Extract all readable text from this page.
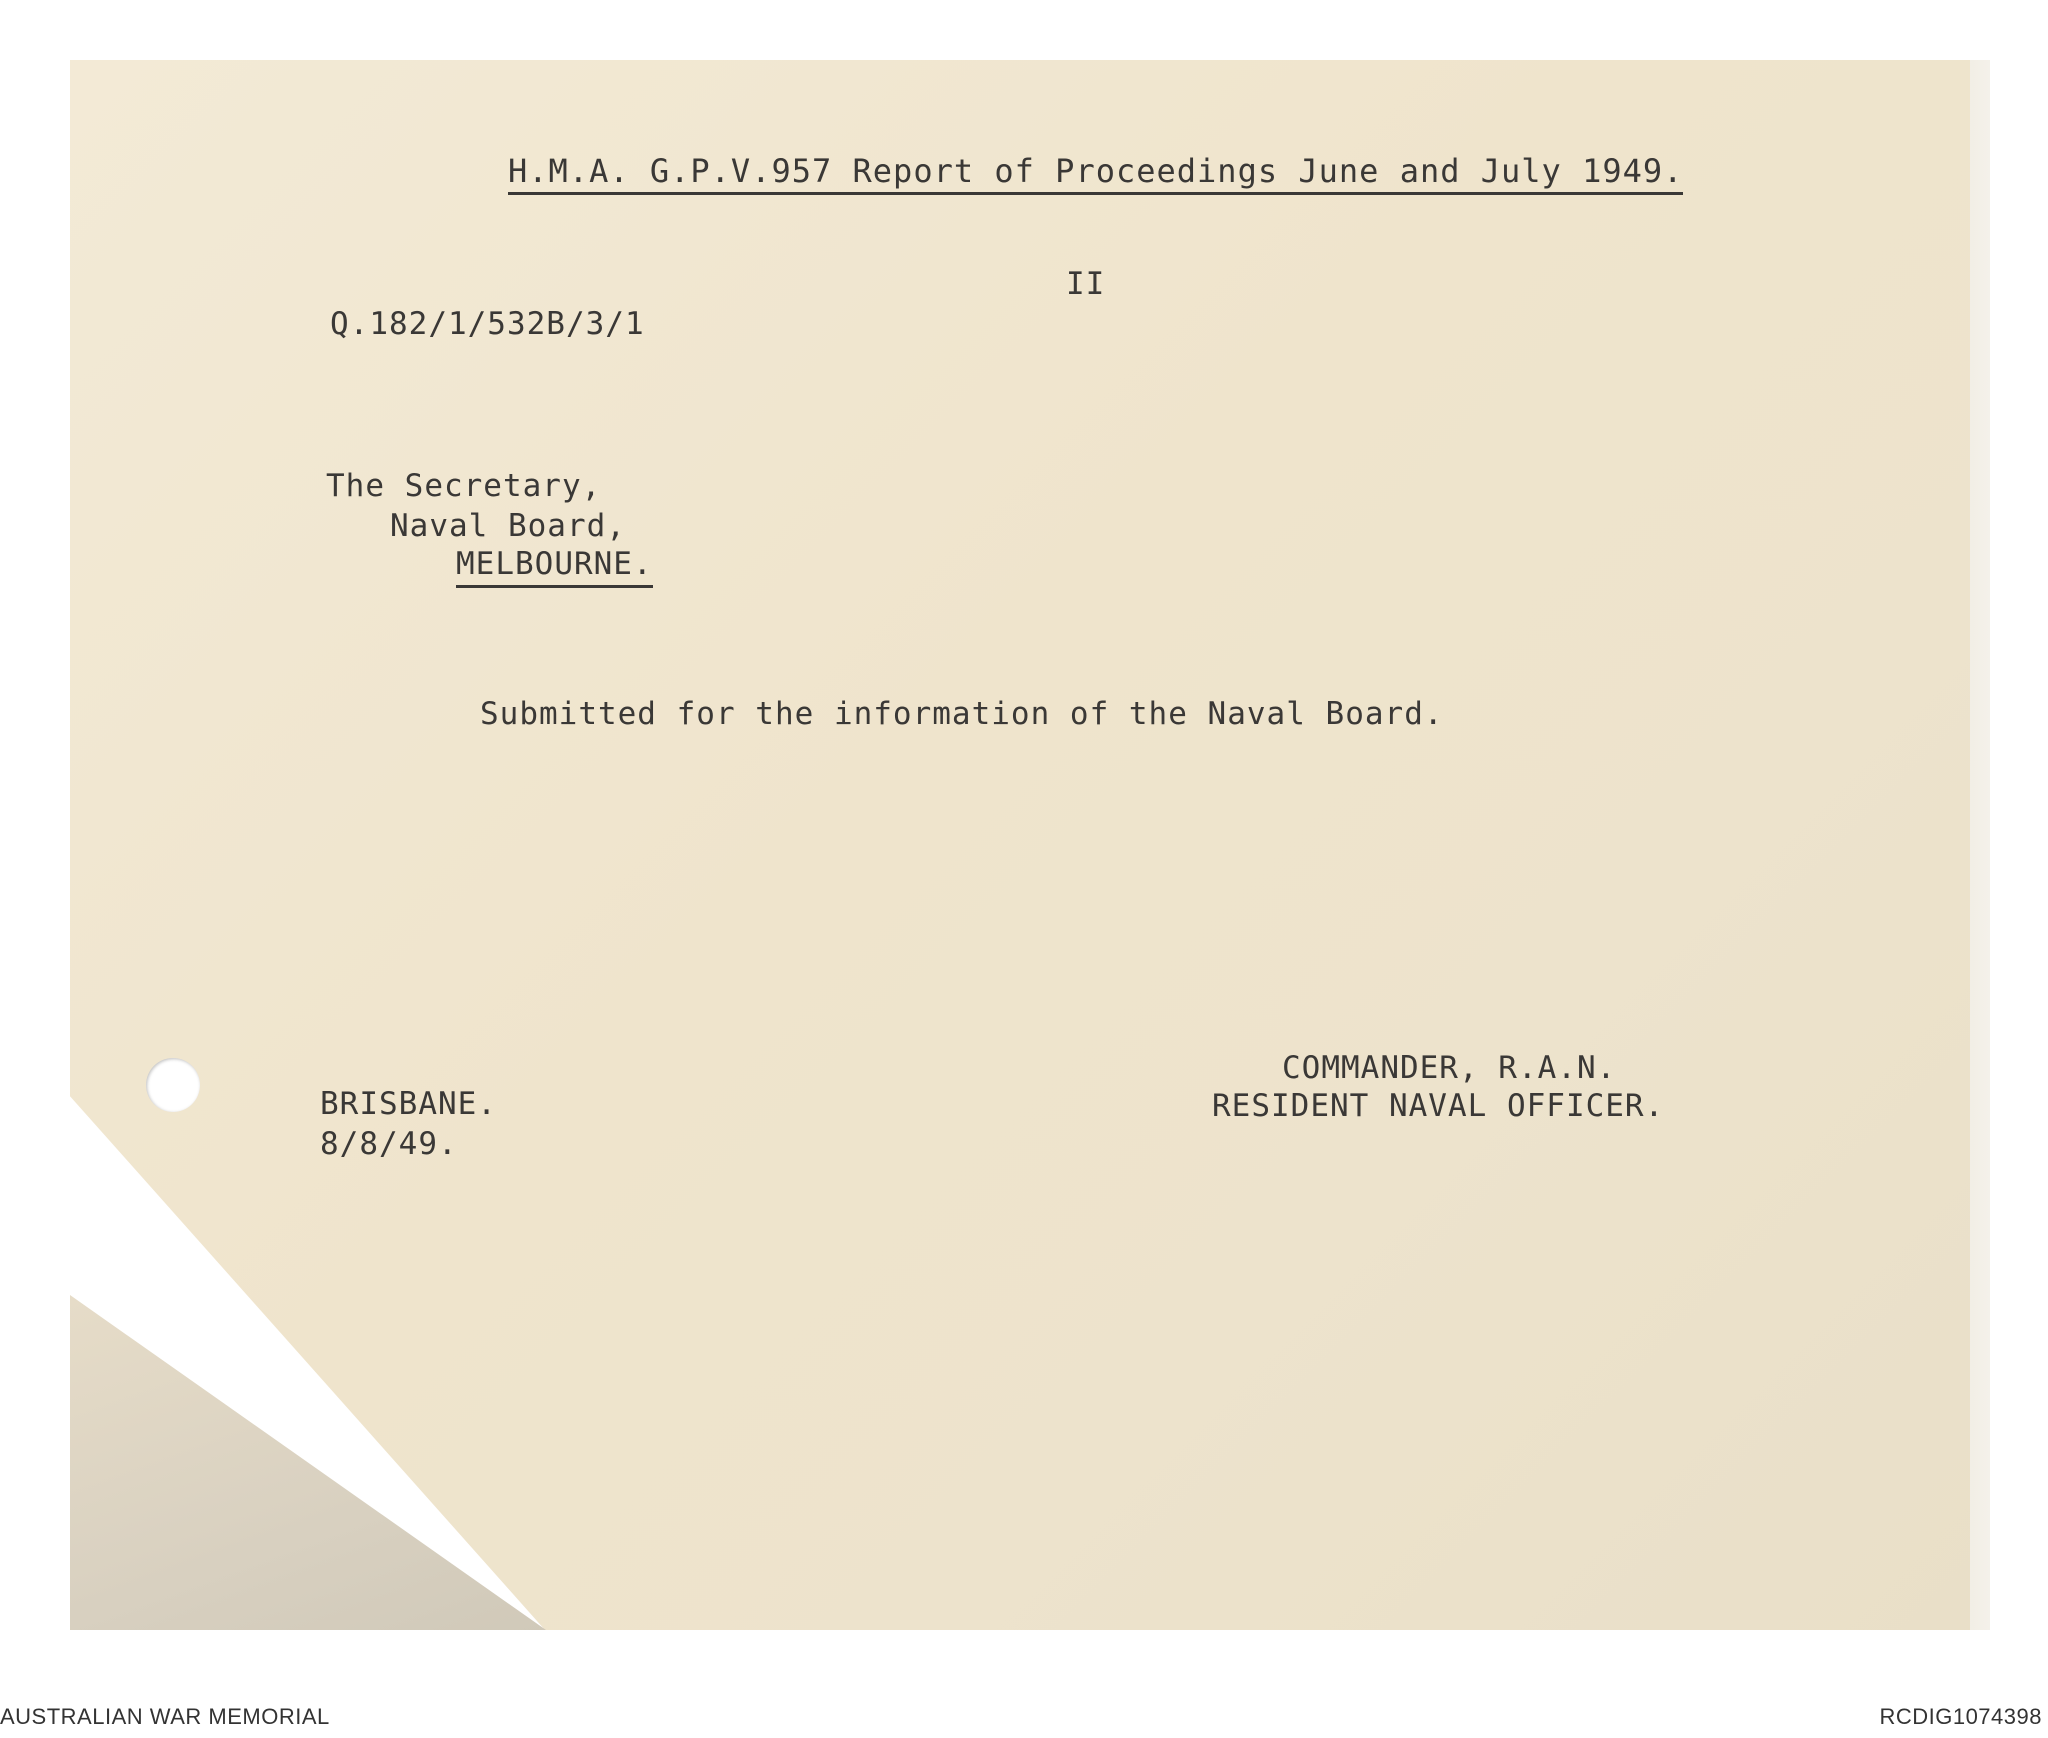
H.M.A. G.P.V.957 Report of Proceedings June and July 1949.
II
Q.182/1/532B/3/1
The Secretary,
Naval Board,
MELBOURNE.
Submitted for the information of the Naval Board.
BRISBANE.
8/8/49.
COMMANDER, R.A.N.
RESIDENT NAVAL OFFICER.
AUSTRALIAN WAR MEMORIAL	RCDIG1074398
